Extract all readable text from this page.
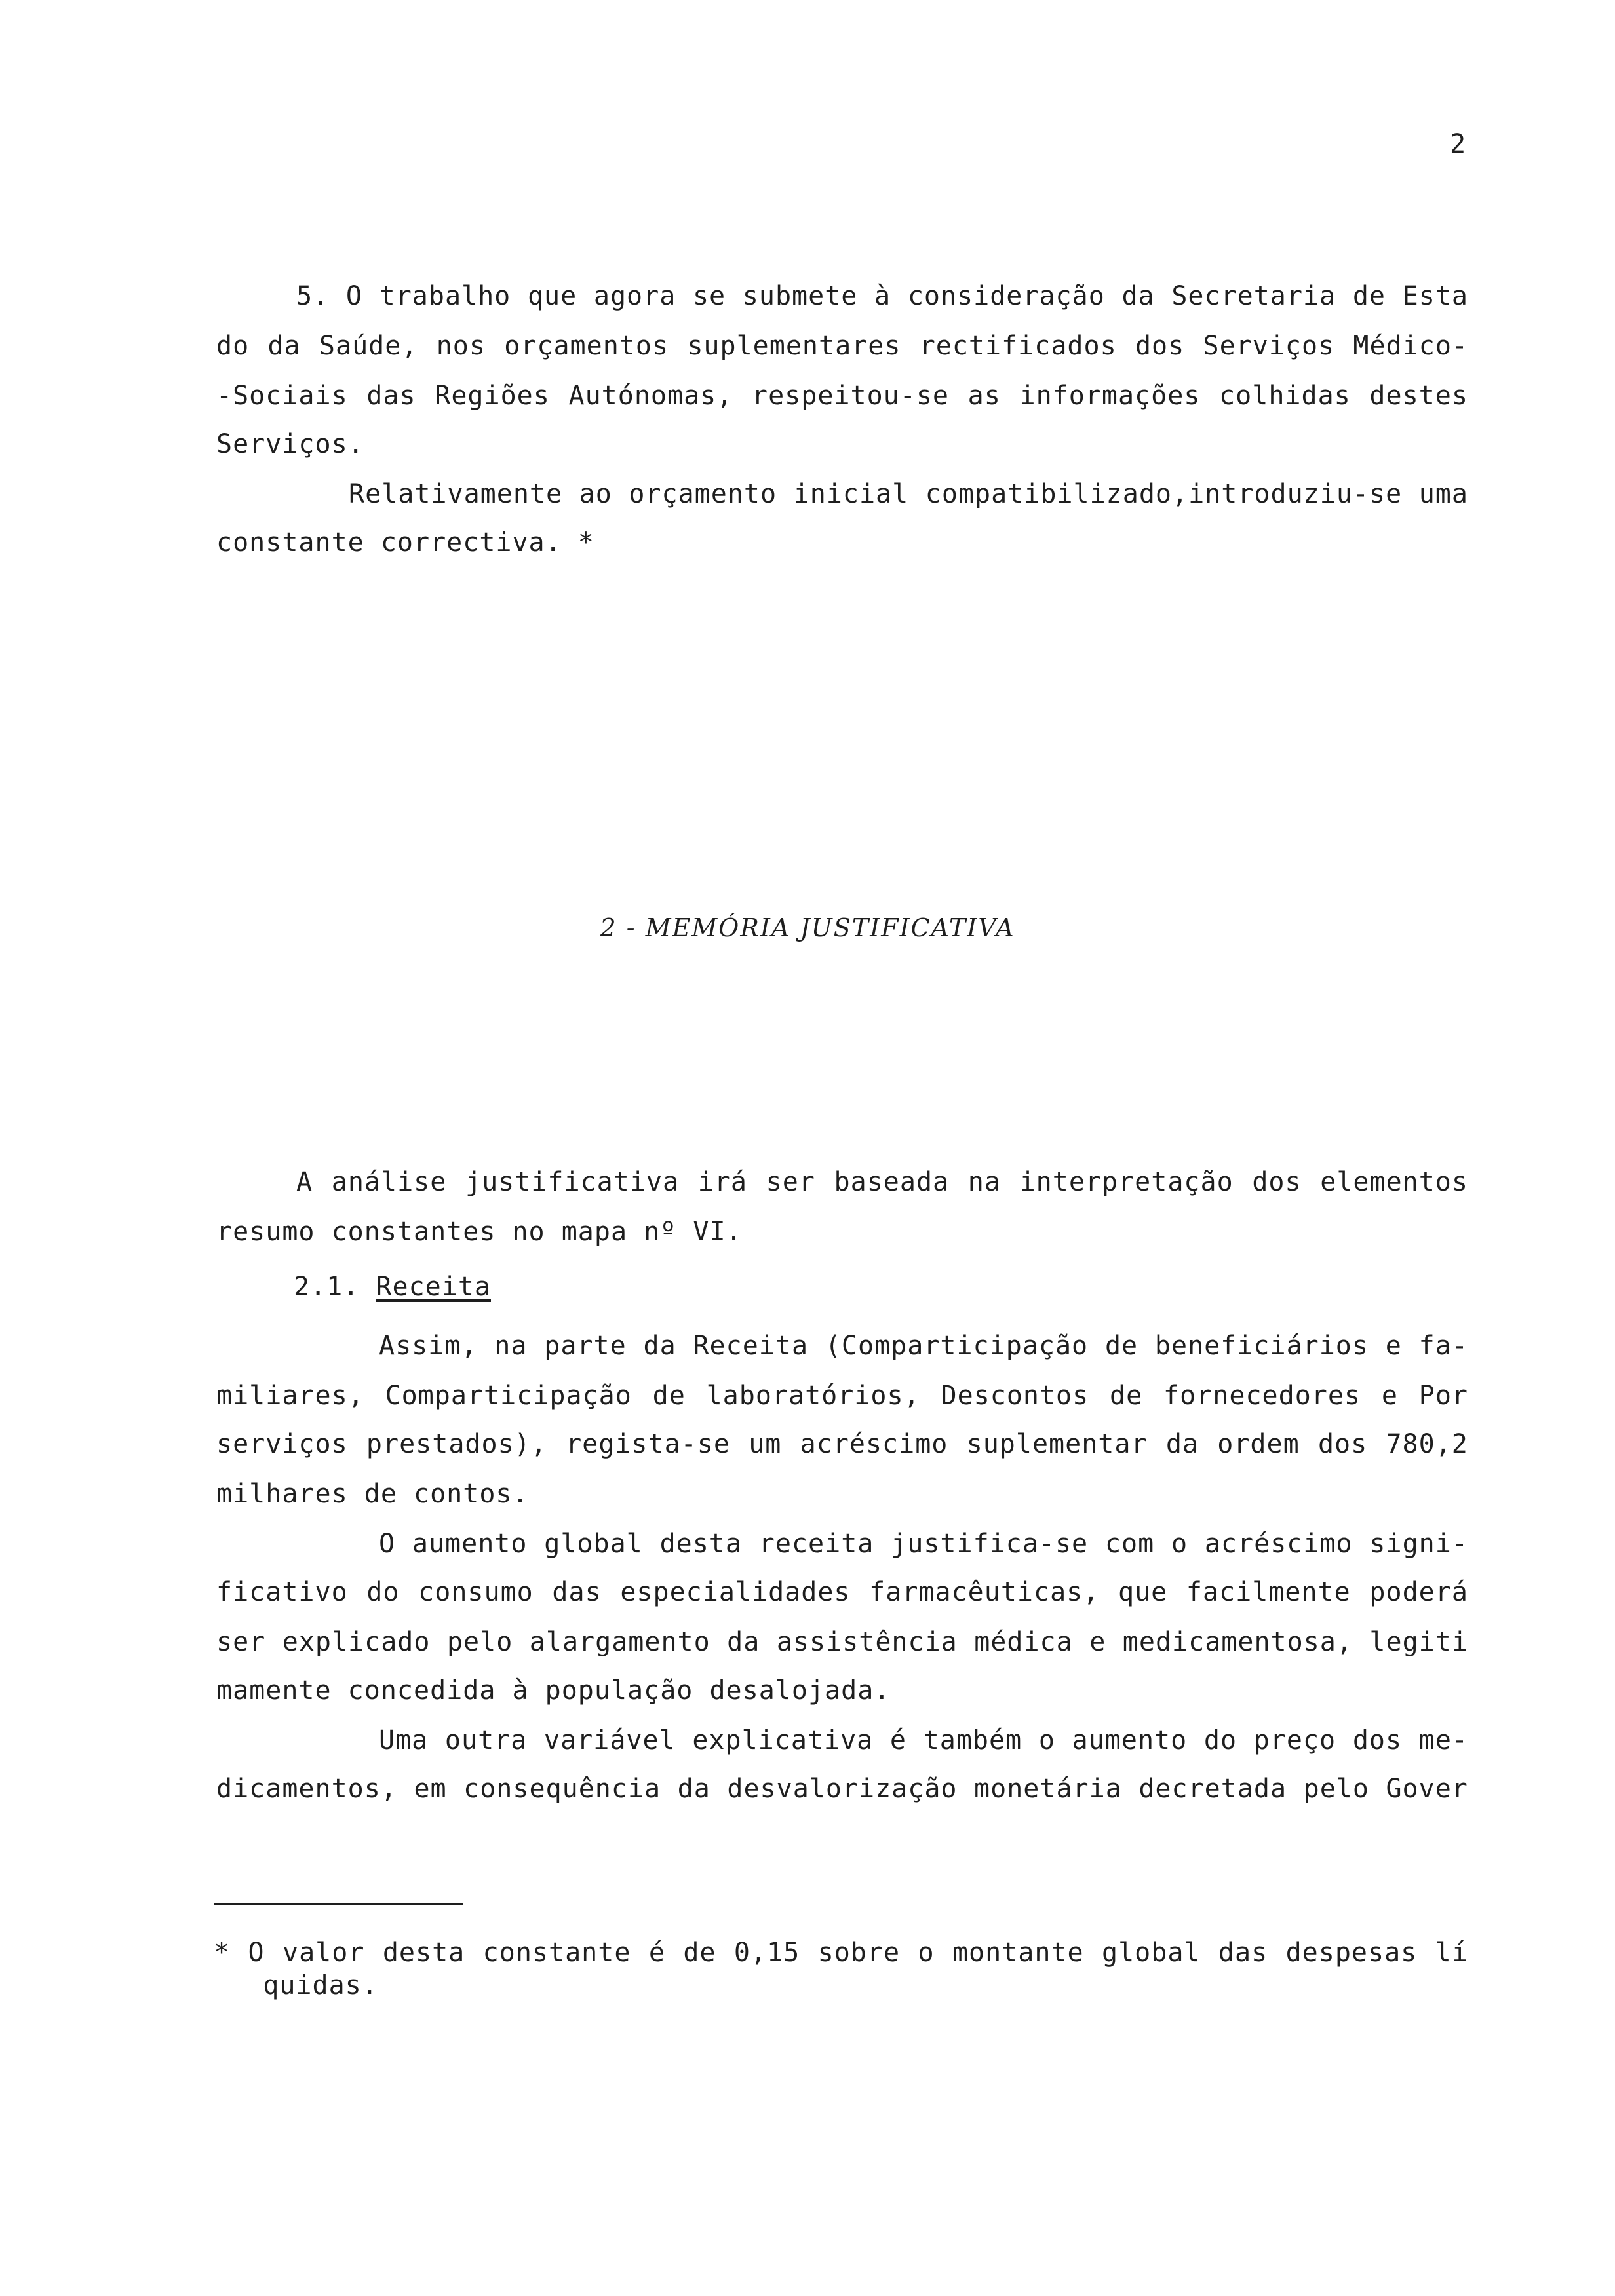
2
5. O trabalho que agora se submete à consideração da Secretaria de Esta
do da Saúde, nos orçamentos suplementares rectificados dos Serviços Médico-
-Sociais das Regiões Autónomas, respeitou-se as informações colhidas destes
Serviços.
Relativamente ao orçamento inicial compatibilizado,introduziu-se uma
constante correctiva. *
2 - MEMÓRIA JUSTIFICATIVA
A análise justificativa irá ser baseada na interpretação dos elementos
resumo constantes no mapa nº VI.
2.1. Receita
Assim, na parte da Receita (Comparticipação de beneficiários e fa-
miliares, Comparticipação de laboratórios, Descontos de fornecedores e Por
serviços prestados), regista-se um acréscimo suplementar da ordem dos 780,2
milhares de contos.
O aumento global desta receita justifica-se com o acréscimo signi-
ficativo do consumo das especialidades farmacêuticas, que facilmente poderá
ser explicado pelo alargamento da assistência médica e medicamentosa, legiti
mamente concedida à população desalojada.
Uma outra variável explicativa é também o aumento do preço dos me-
dicamentos, em consequência da desvalorização monetária decretada pelo Gover
* O valor desta constante é de 0,15 sobre o montante global das despesas lí
quidas.
